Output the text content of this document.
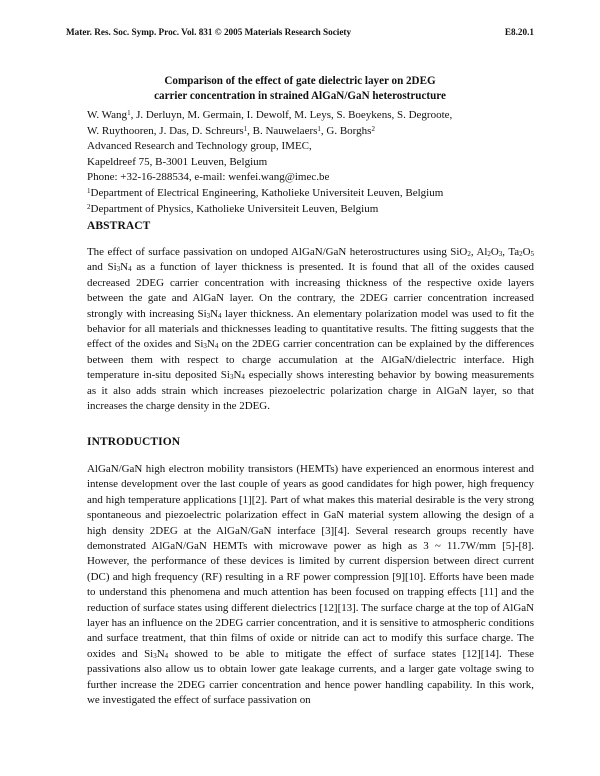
Mater. Res. Soc. Symp. Proc. Vol. 831 © 2005 Materials Research Society	E8.20.1
Comparison of the effect of gate dielectric layer on 2DEG
carrier concentration in strained AlGaN/GaN heterostructure
W. Wang$^1$, J. Derluyn, M. Germain, I. Dewolf, M. Leys, S. Boeykens, S. Degroote,
W. Ruythooren, J. Das, D. Schreurs$^1$, B. Nauwelaers$^1$, G. Borghs$^2$
Advanced Research and Technology group, IMEC,
Kapeldreef 75, B-3001 Leuven, Belgium
Phone: +32-16-288534, e-mail: wenfei.wang@imec.be
$^1$Department of Electrical Engineering, Katholieke Universiteit Leuven, Belgium
$^2$Department of Physics, Katholieke Universiteit Leuven, Belgium
ABSTRACT
The effect of surface passivation on undoped AlGaN/GaN heterostructures using SiO$_2$, $Al_2O_3$, $Ta_2O_5$ and $Si_3N_4$ as a function of layer thickness is presented. It is found that all of the oxides caused decreased 2DEG carrier concentration with increasing thickness of the respective oxide layers between the gate and AlGaN layer. On the contrary, the 2DEG carrier concentration increased strongly with increasing $Si_3N_4$ layer thickness. An elementary polarization model was used to fit the behavior for all materials and thicknesses leading to quantitative results. The fitting suggests that the effect of the oxides and $Si_3N_4$ on the 2DEG carrier concentration can be explained by the differences between them with respect to charge accumulation at the AlGaN/dielectric interface. High temperature in-situ deposited $Si_3N_4$ especially shows interesting behavior by bowing measurements as it also adds strain which increases piezoelectric polarization charge in AlGaN layer, so that increases the charge density in the 2DEG.
INTRODUCTION
AlGaN/GaN high electron mobility transistors (HEMTs) have experienced an enormous interest and intense development over the last couple of years as good candidates for high power, high frequency and high temperature applications [1][2]. Part of what makes this material desirable is the very strong spontaneous and piezoelectric polarization effect in GaN material system allowing the design of a high density 2DEG at the AlGaN/GaN interface [3][4]. Several research groups recently have demonstrated AlGaN/GaN HEMTs with microwave power as high as 3 ~ 11.7W/mm [5]-[8]. However, the performance of these devices is limited by current dispersion between direct current (DC) and high frequency (RF) resulting in a RF power compression [9][10]. Efforts have been made to understand this phenomena and much attention has been focused on trapping effects [11] and the reduction of surface states using different dielectrics [12][13]. The surface charge at the top of AlGaN layer has an influence on the 2DEG carrier concentration, and it is sensitive to atmospheric conditions and surface treatment, that thin films of oxide or nitride can act to modify this surface charge. The oxides and $Si_3N_4$ showed to be able to mitigate the effect of surface states [12][14]. These passivations also allow us to obtain lower gate leakage currents, and a larger gate voltage swing to further increase the 2DEG carrier concentration and hence power handling capability. In this work, we investigated the effect of surface passivation on
